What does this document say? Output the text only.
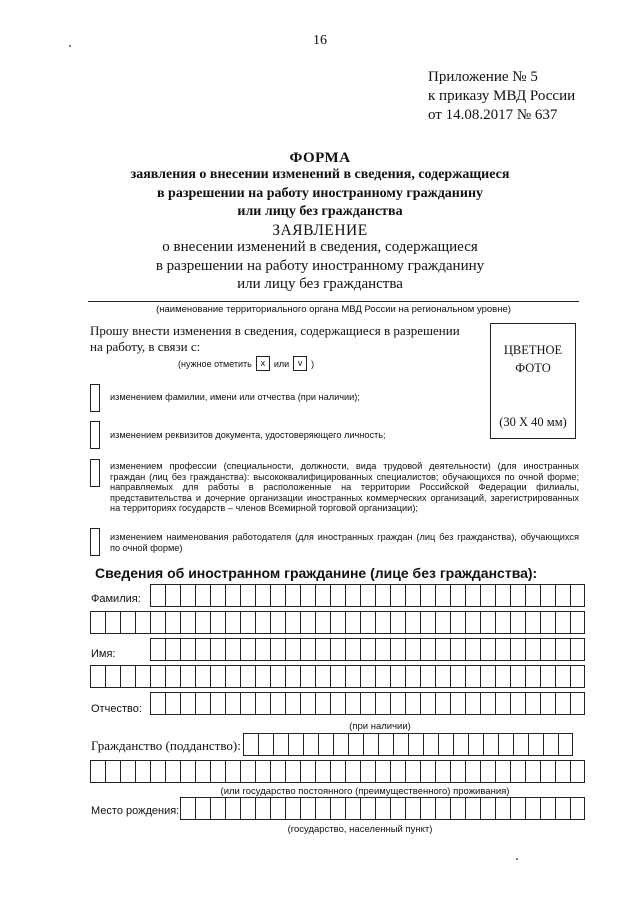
16
Приложение № 5
к приказу МВД России
от 14.08.2017 № 637
ФОРМА
заявления о внесении изменений в сведения, содержащиеся
в разрешении на работу иностранному гражданину
или лицу без гражданства
ЗАЯВЛЕНИЕ
о внесении изменений в сведения, содержащиеся
в разрешении на работу иностранному гражданину
или лицу без гражданства
(наименование территориального органа МВД России на региональном уровне)
Прошу внести изменения в сведения, содержащиеся в разрешении
на работу, в связи с:
(нужное отметить x или v )
ЦВЕТНОЕ
ФОТО
(30 Х 40 мм)
изменением фамилии, имени или отчества (при наличии);
изменением реквизитов документа, удостоверяющего личность;
изменением профессии (специальности, должности, вида трудовой деятельности) (для иностранных граждан (лиц без гражданства): высококвалифицированных специалистов; обучающихся по очной форме; направляемых для работы в расположенные на территории Российской Федерации филиалы, представительства и дочерние организации иностранных коммерческих организаций, зарегистрированных на территориях государств – членов Всемирной торговой организации);
изменением наименования работодателя (для иностранных граждан (лиц без гражданства), обучающихся по очной форме)
Сведения об иностранном гражданине (лице без гражданства):
Фамилия:
Имя:
Отчество:
(при наличии)
Гражданство (подданство):
(или государство постоянного (преимущественного) проживания)
Место рождения:
(государство, населенный пункт)
